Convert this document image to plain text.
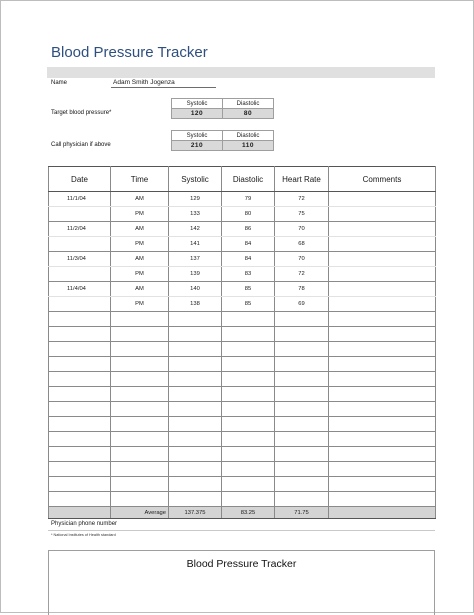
Blood Pressure Tracker
Name	Adam Smith Jogenza
Target blood pressure*
Systolic	Diastolic
120	80
Call physician if above
Systolic	Diastolic
210	110
Date	Time	Systolic	Diastolic	Heart Rate	Comments
11/1/04	AM	129	79	72	
	PM	133	80	75	
11/2/04	AM	142	86	70	
	PM	141	84	68	
11/3/04	AM	137	84	70	
	PM	139	83	72	
11/4/04	AM	140	85	78	
	PM	138	85	69	

	Average	137.375	83.25	71.75	
Physician phone number
* National Institutes of Health standard
Blood Pressure Tracker
